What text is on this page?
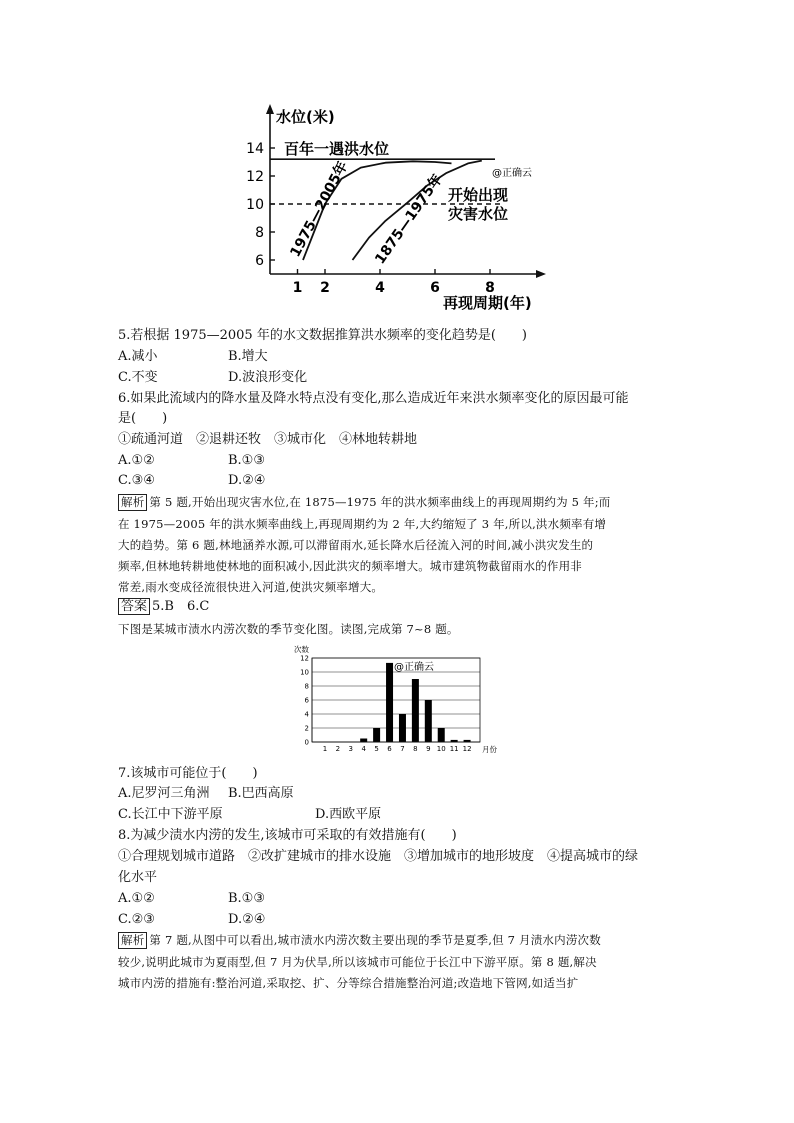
水位(米)
再现周期(年)
14
12
10
8
6
1 2	4	6	8
百年一遇洪水位
开始出现
灾害水位
@正确云
1975—2005年 1875—1975年
5.若根据 1975—2005 年的水文数据推算洪水频率的变化趋势是(　　)
A.减小	B.增大
C.不变	D.波浪形变化
6.如果此流域内的降水量及降水特点没有变化,那么造成近年来洪水频率变化的原因最可能
是(　　)
①疏通河道　②退耕还牧　③城市化　④林地转耕地
A.①②	B.①③
C.③④	D.②④
解析 第 5 题,开始出现灾害水位,在 1875—1975 年的洪水频率曲线上的再现周期约为 5 年;而
在 1975—2005 年的洪水频率曲线上,再现周期约为 2 年,大约缩短了 3 年,所以,洪水频率有增
大的趋势。第 6 题,林地涵养水源,可以滞留雨水,延长降水后径流入河的时间,减小洪灾发生的
频率,但林地转耕地使林地的面积减小,因此洪灾的频率增大。城市建筑物截留雨水的作用非
常差,雨水变成径流很快进入河道,使洪灾频率增大。
答案 5.B　6.C
下图是某城市渍水内涝次数的季节变化图。读图,完成第 7~8 题。
次数
月份
12
10
8
6
4
2
0
1 2 3 4 5 6 7 8 9 10 11 12
@正确云
7.该城市可能位于(　　)
A.尼罗河三角洲 B.巴西高原
C.长江中下游平原	D.西欧平原
8.为减少渍水内涝的发生,该城市可采取的有效措施有(　　)
①合理规划城市道路　②改扩建城市的排水设施　③增加城市的地形坡度　④提高城市的绿
化水平
A.①②	B.①③
C.②③	D.②④
解析 第 7 题,从图中可以看出,城市渍水内涝次数主要出现的季节是夏季,但 7 月渍水内涝次数
较少,说明此城市为夏雨型,但 7 月为伏旱,所以该城市可能位于长江中下游平原。第 8 题,解决
城市内涝的措施有:整治河道,采取挖、扩、分等综合措施整治河道;改造地下管网,如适当扩
